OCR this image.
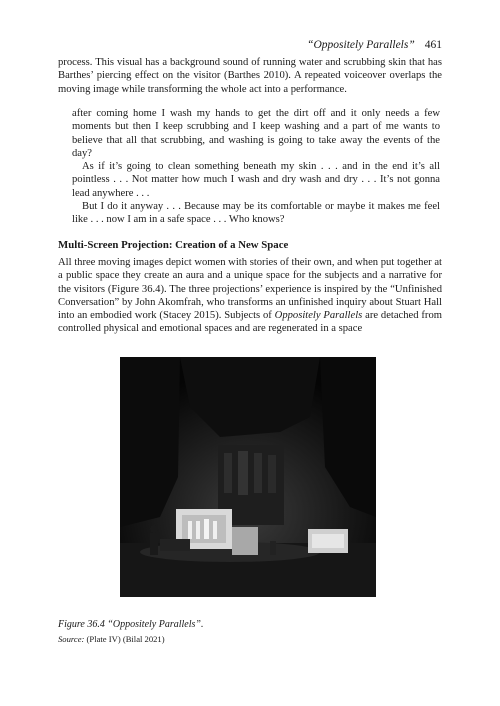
“Oppositely Parallels” 461
process. This visual has a background sound of running water and scrubbing skin that has Barthes’ piercing effect on the visitor (Barthes 2010). A repeated voiceover overlaps the moving image while transforming the whole act into a performance.

after coming home I wash my hands to get the dirt off and it only needs a few moments but then I keep scrubbing and I keep washing and a part of me wants to believe that all that scrubbing, and washing is going to take away the events of the day?

As if it’s going to clean something beneath my skin . . . and in the end it’s all pointless . . . Not matter how much I wash and dry wash and dry . . . It’s not gonna lead anywhere . . .

But I do it anyway . . . Because may be its comfortable or maybe it makes me feel like . . . now I am in a safe space . . . Who knows?

Multi-Screen Projection: Creation of a New Space
All three moving images depict women with stories of their own, and when put together at a public space they create an aura and a unique space for the subjects and a narrative for the visitors (Figure 36.4). The three projections’ experience is inspired by the “Unfinished Conversation” by John Akomfrah, who transforms an unfinished inquiry about Stuart Hall into an embodied work (Stacey 2015). Subjects of Oppositely Parallels are detached from controlled physical and emotional spaces and are regenerated in a space
Figure 36.4 “Oppositely Parallels”.
Source: (Plate IV) (Bilal 2021)
